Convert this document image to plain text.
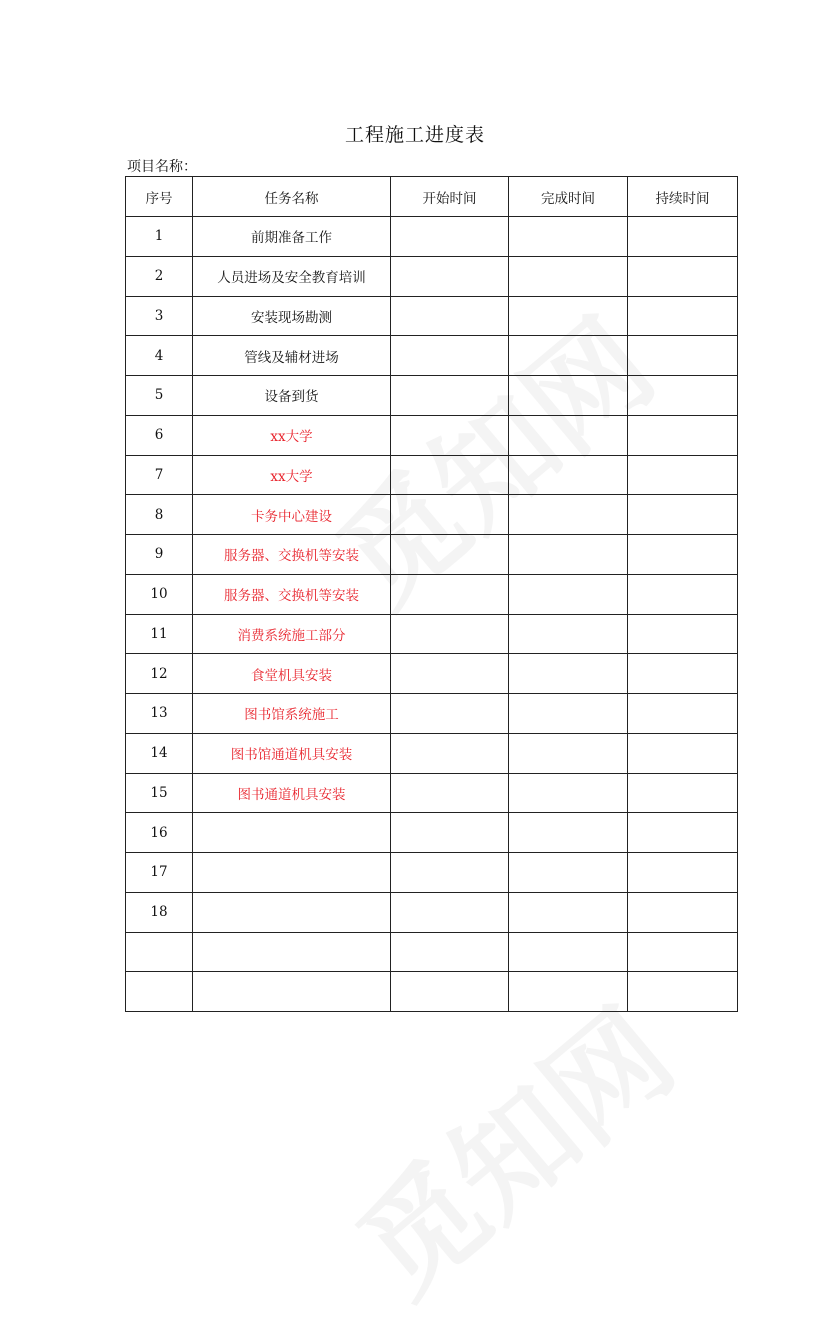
工程施工进度表
项目名称：
序号	任务名称	开始时间	完成时间	持续时间
1	前期准备工作			
2	人员进场及安全教育培训			
3	安装现场勘测			
4	管线及辅材进场			
5	设备到货			
6	xx大学			
7	xx大学			
8	卡务中心建设			
9	服务器、交换机等安装			
10	服务器、交换机等安装			
11	消费系统施工部分			
12	食堂机具安装			
13	图书馆系统施工			
14	图书馆通道机具安装			
15	图书通道机具安装			
16				
17				
18				
